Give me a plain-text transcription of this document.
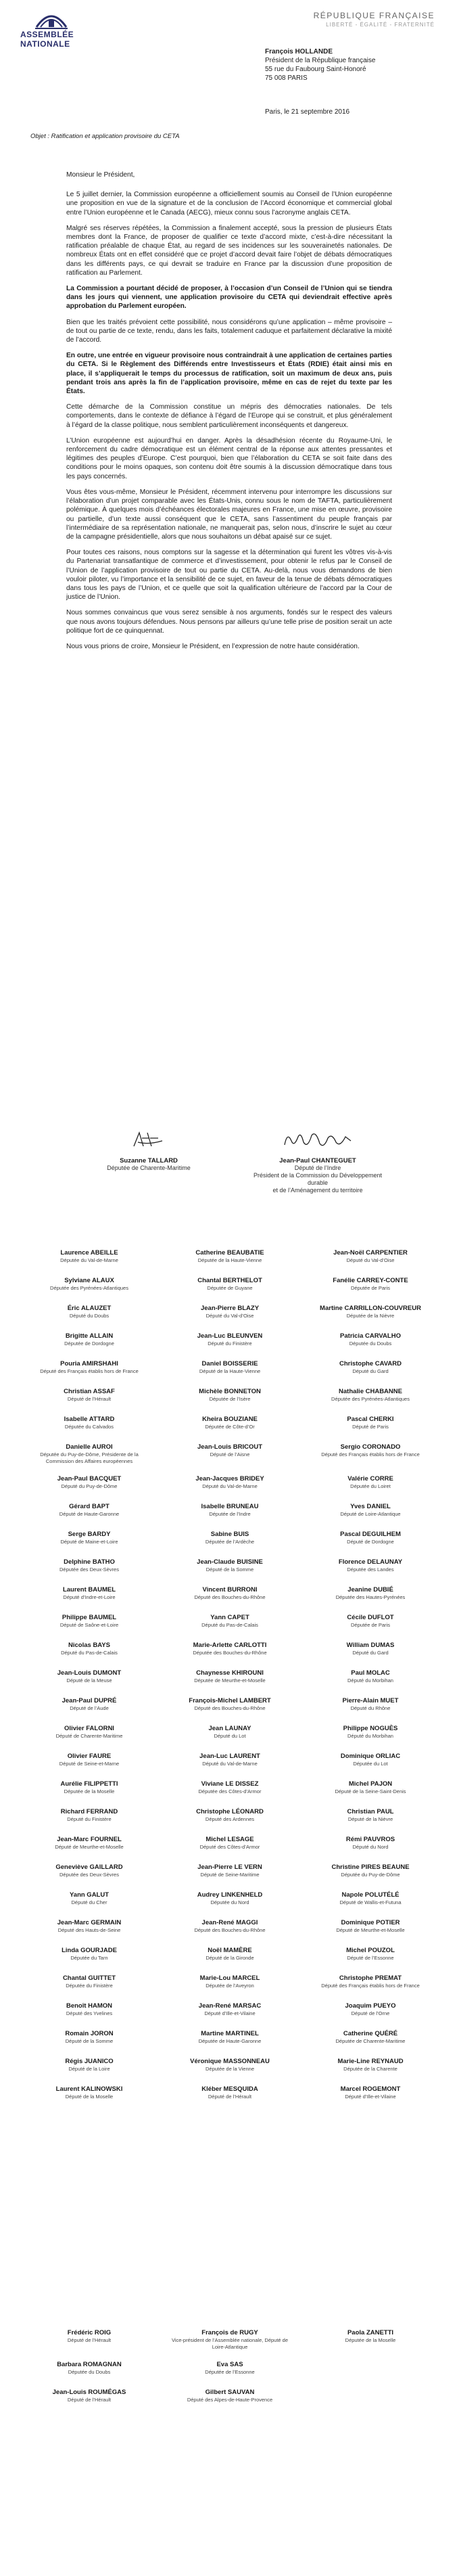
ASSEMBLÉE
NATIONALE
RÉPUBLIQUE FRANÇAISE
LIBERTÉ - ÉGALITÉ - FRATERNITÉ
François HOLLANDE
Président de la République française
55 rue du Faubourg Saint-Honoré
75 008 PARIS
Paris, le 21 septembre 2016
Objet : Ratification et application provisoire du CETA

Monsieur le Président,

Le 5 juillet dernier, la Commission européenne a officiellement soumis au Conseil de l’Union européenne une proposition en vue de la signature et de la conclusion de l’Accord économique et commercial global entre l’Union européenne et le Canada (AECG), mieux connu sous l’acronyme anglais CETA.

Malgré ses réserves répétées, la Commission a finalement accepté, sous la pression de plusieurs États membres dont la France, de proposer de qualifier ce texte d’accord mixte, c’est-à-dire nécessitant la ratification préalable de chaque État, au regard de ses incidences sur les souverainetés nationales. De nombreux États ont en effet considéré que ce projet d’accord devait faire l’objet de débats démocratiques dans les différents pays, ce qui devrait se traduire en France par la discussion d’une proposition de ratification au Parlement.

La Commission a pourtant décidé de proposer, à l’occasion d’un Conseil de l’Union qui se tiendra dans les jours qui viennent, une application provisoire du CETA qui deviendrait effective après approbation du Parlement européen.

Bien que les traités prévoient cette possibilité, nous considérons qu’une application – même provisoire – de tout ou partie de ce texte, rendu, dans les faits, totalement caduque et parfaitement déclarative la mixité de l’accord.

En outre, une entrée en vigueur provisoire nous contraindrait à une application de certaines parties du CETA. Si le Règlement des Différends entre Investisseurs et États (RDIE) était ainsi mis en place, il s’appliquerait le temps du processus de ratification, soit un maximum de deux ans, puis pendant trois ans après la fin de l’application provisoire, même en cas de rejet du texte par les États.

Cette démarche de la Commission constitue un mépris des démocraties nationales. De tels comportements, dans le contexte de défiance à l’égard de l’Europe qui se construit, et plus généralement à l’égard de la classe politique, nous semblent particulièrement inconséquents et dangereux.

L’Union européenne est aujourd’hui en danger. Après la désadhésion récente du Royaume-Uni, le renforcement du cadre démocratique est un élément central de la réponse aux attentes pressantes et légitimes des peuples d’Europe. C’est pourquoi, bien que l’élaboration du CETA se soit faite dans des conditions pour le moins opaques, son contenu doit être soumis à la discussion démocratique dans tous les pays concernés.

Vous êtes vous-même, Monsieur le Président, récemment intervenu pour interrompre les discussions sur l’élaboration d’un projet comparable avec les États-Unis, connu sous le nom de TAFTA, particulièrement polémique. À quelques mois d’échéances électorales majeures en France, une mise en œuvre, provisoire ou partielle, d’un texte aussi conséquent que le CETA, sans l’assentiment du peuple français par l’intermédiaire de sa représentation nationale, ne manquerait pas, selon nous, d’inscrire le sujet au cœur de la campagne présidentielle, alors que nous souhaitons un débat apaisé sur ce sujet.

Pour toutes ces raisons, nous comptons sur la sagesse et la détermination qui furent les vôtres vis-à-vis du Partenariat transatlantique de commerce et d’investissement, pour obtenir le refus par le Conseil de l’Union de l’application provisoire de tout ou partie du CETA. Au-delà, nous vous demandons de bien vouloir piloter, vu l’importance et la sensibilité de ce sujet, en faveur de la tenue de débats démocratiques dans tous les pays de l’Union, et ce quelle que soit la qualification ultérieure de l’accord par la Cour de justice de l’Union.

Nous sommes convaincus que vous serez sensible à nos arguments, fondés sur le respect des valeurs que nous avons toujours défendues. Nous pensons par ailleurs qu’une telle prise de position serait un acte politique fort de ce quinquennat.

Nous vous prions de croire, Monsieur le Président, en l’expression de notre haute considération.

Suzanne TALLARD
Députée de Charente-Maritime
Jean-Paul CHANTEGUET
Député de l’Indre
Président de la Commission du Développement durable
et de l’Aménagement du territoire
Laurence ABEILLE
Députée du Val-de-Marne
Catherine BEAUBATIE
Députée de la Haute-Vienne
Jean-Noël CARPENTIER
Député du Val-d’Oise
Sylviane ALAUX
Députée des Pyrénées-Atlantiques
Chantal BERTHELOT
Députée de Guyane
Fanélie CARREY-CONTE
Députée de Paris
Éric ALAUZET
Député du Doubs
Jean-Pierre BLAZY
Député du Val-d’Oise
Martine CARRILLON-COUVREUR
Députée de la Nièvre
Brigitte ALLAIN
Députée de Dordogne
Jean-Luc BLEUNVEN
Député du Finistère
Patricia CARVALHO
Députée du Doubs
Pouria AMIRSHAHI
Député des Français établis hors de France
Daniel BOISSERIE
Député de la Haute-Vienne
Christophe CAVARD
Député du Gard
Christian ASSAF
Député de l’Hérault
Michèle BONNETON
Députée de l’Isère
Nathalie CHABANNE
Députée des Pyrénées-Atlantiques
Isabelle ATTARD
Députée du Calvados
Kheira BOUZIANE
Députée de Côte-d’Or
Pascal CHERKI
Député de Paris
Danielle AUROI
Députée du Puy-de-Dôme, Présidente de la Commission des Affaires européennes
Jean-Louis BRICOUT
Député de l’Aisne
Sergio CORONADO
Député des Français établis hors de France
Jean-Paul BACQUET
Député du Puy-de-Dôme
Jean-Jacques BRIDEY
Député du Val-de-Marne
Valérie CORRE
Députée du Loiret
Gérard BAPT
Député de Haute-Garonne
Isabelle BRUNEAU
Députée de l’Indre
Yves DANIEL
Député de Loire-Atlantique
Serge BARDY
Député de Maine-et-Loire
Sabine BUIS
Députée de l’Ardèche
Pascal DEGUILHEM
Député de Dordogne
Delphine BATHO
Députée des Deux-Sèvres
Jean-Claude BUISINE
Député de la Somme
Florence DELAUNAY
Députée des Landes
Laurent BAUMEL
Député d’Indre-et-Loire
Vincent BURRONI
Député des Bouches-du-Rhône
Jeanine DUBIÉ
Députée des Hautes-Pyrénées
Philippe BAUMEL
Député de Saône-et-Loire
Yann CAPET
Député du Pas-de-Calais
Cécile DUFLOT
Députée de Paris
Nicolas BAYS
Député du Pas-de-Calais
Marie-Arlette CARLOTTI
Députée des Bouches-du-Rhône
William DUMAS
Député du Gard
Jean-Louis DUMONT
Député de la Meuse
Chaynesse KHIROUNI
Députée de Meurthe-et-Moselle
Paul MOLAC
Député du Morbihan
Jean-Paul DUPRÉ
Député de l’Aude
François-Michel LAMBERT
Député des Bouches-du-Rhône
Pierre-Alain MUET
Député du Rhône
Olivier FALORNI
Député de Charente-Maritime
Jean LAUNAY
Député du Lot
Philippe NOGUÈS
Député du Morbihan
Olivier FAURE
Député de Seine-et-Marne
Jean-Luc LAURENT
Député du Val-de-Marne
Dominique ORLIAC
Députée du Lot
Aurélie FILIPPETTI
Députée de la Moselle
Viviane LE DISSEZ
Députée des Côtes-d’Armor
Michel PAJON
Député de la Seine-Saint-Denis
Richard FERRAND
Député du Finistère
Christophe LÉONARD
Député des Ardennes
Christian PAUL
Député de la Nièvre
Jean-Marc FOURNEL
Député de Meurthe-et-Moselle
Michel LESAGE
Député des Côtes-d’Armor
Rémi PAUVROS
Député du Nord
Geneviève GAILLARD
Députée des Deux-Sèvres
Jean-Pierre LE VERN
Député de Seine-Maritime
Christine PIRES BEAUNE
Députée du Puy-de-Dôme
Yann GALUT
Député du Cher
Audrey LINKENHELD
Députée du Nord
Napole POLUTÉLÉ
Député de Wallis-et-Futuna
Jean-Marc GERMAIN
Député des Hauts-de-Seine
Jean-René MAGGI
Député des Bouches-du-Rhône
Dominique POTIER
Député de Meurthe-et-Moselle
Linda GOURJADE
Députée du Tarn
Noël MAMÈRE
Député de la Gironde
Michel POUZOL
Député de l’Essonne
Chantal GUITTET
Députée du Finistère
Marie-Lou MARCEL
Députée de l’Aveyron
Christophe PREMAT
Député des Français établis hors de France
Benoît HAMON
Député des Yvelines
Jean-René MARSAC
Député d’Ille-et-Vilaine
Joaquim PUEYO
Député de l’Orne
Romain JORON
Député de la Somme
Martine MARTINEL
Députée de Haute-Garonne
Catherine QUÉRÉ
Députée de Charente-Maritime
Régis JUANICO
Député de la Loire
Véronique MASSONNEAU
Députée de la Vienne
Marie-Line REYNAUD
Députée de la Charente
Laurent KALINOWSKI
Député de la Moselle
Kléber MESQUIDA
Député de l’Hérault
Marcel ROGEMONT
Député d’Ille-et-Vilaine
Frédéric ROIG
Député de l’Hérault
François de RUGY
Vice-président de l’Assemblée nationale, Député de Loire-Atlantique
Paola ZANETTI
Députée de la Moselle
Barbara ROMAGNAN
Députée du Doubs
Eva SAS
Députée de l’Essonne
Jean-Louis ROUMÉGAS
Député de l’Hérault
Gilbert SAUVAN
Député des Alpes-de-Haute-Provence
